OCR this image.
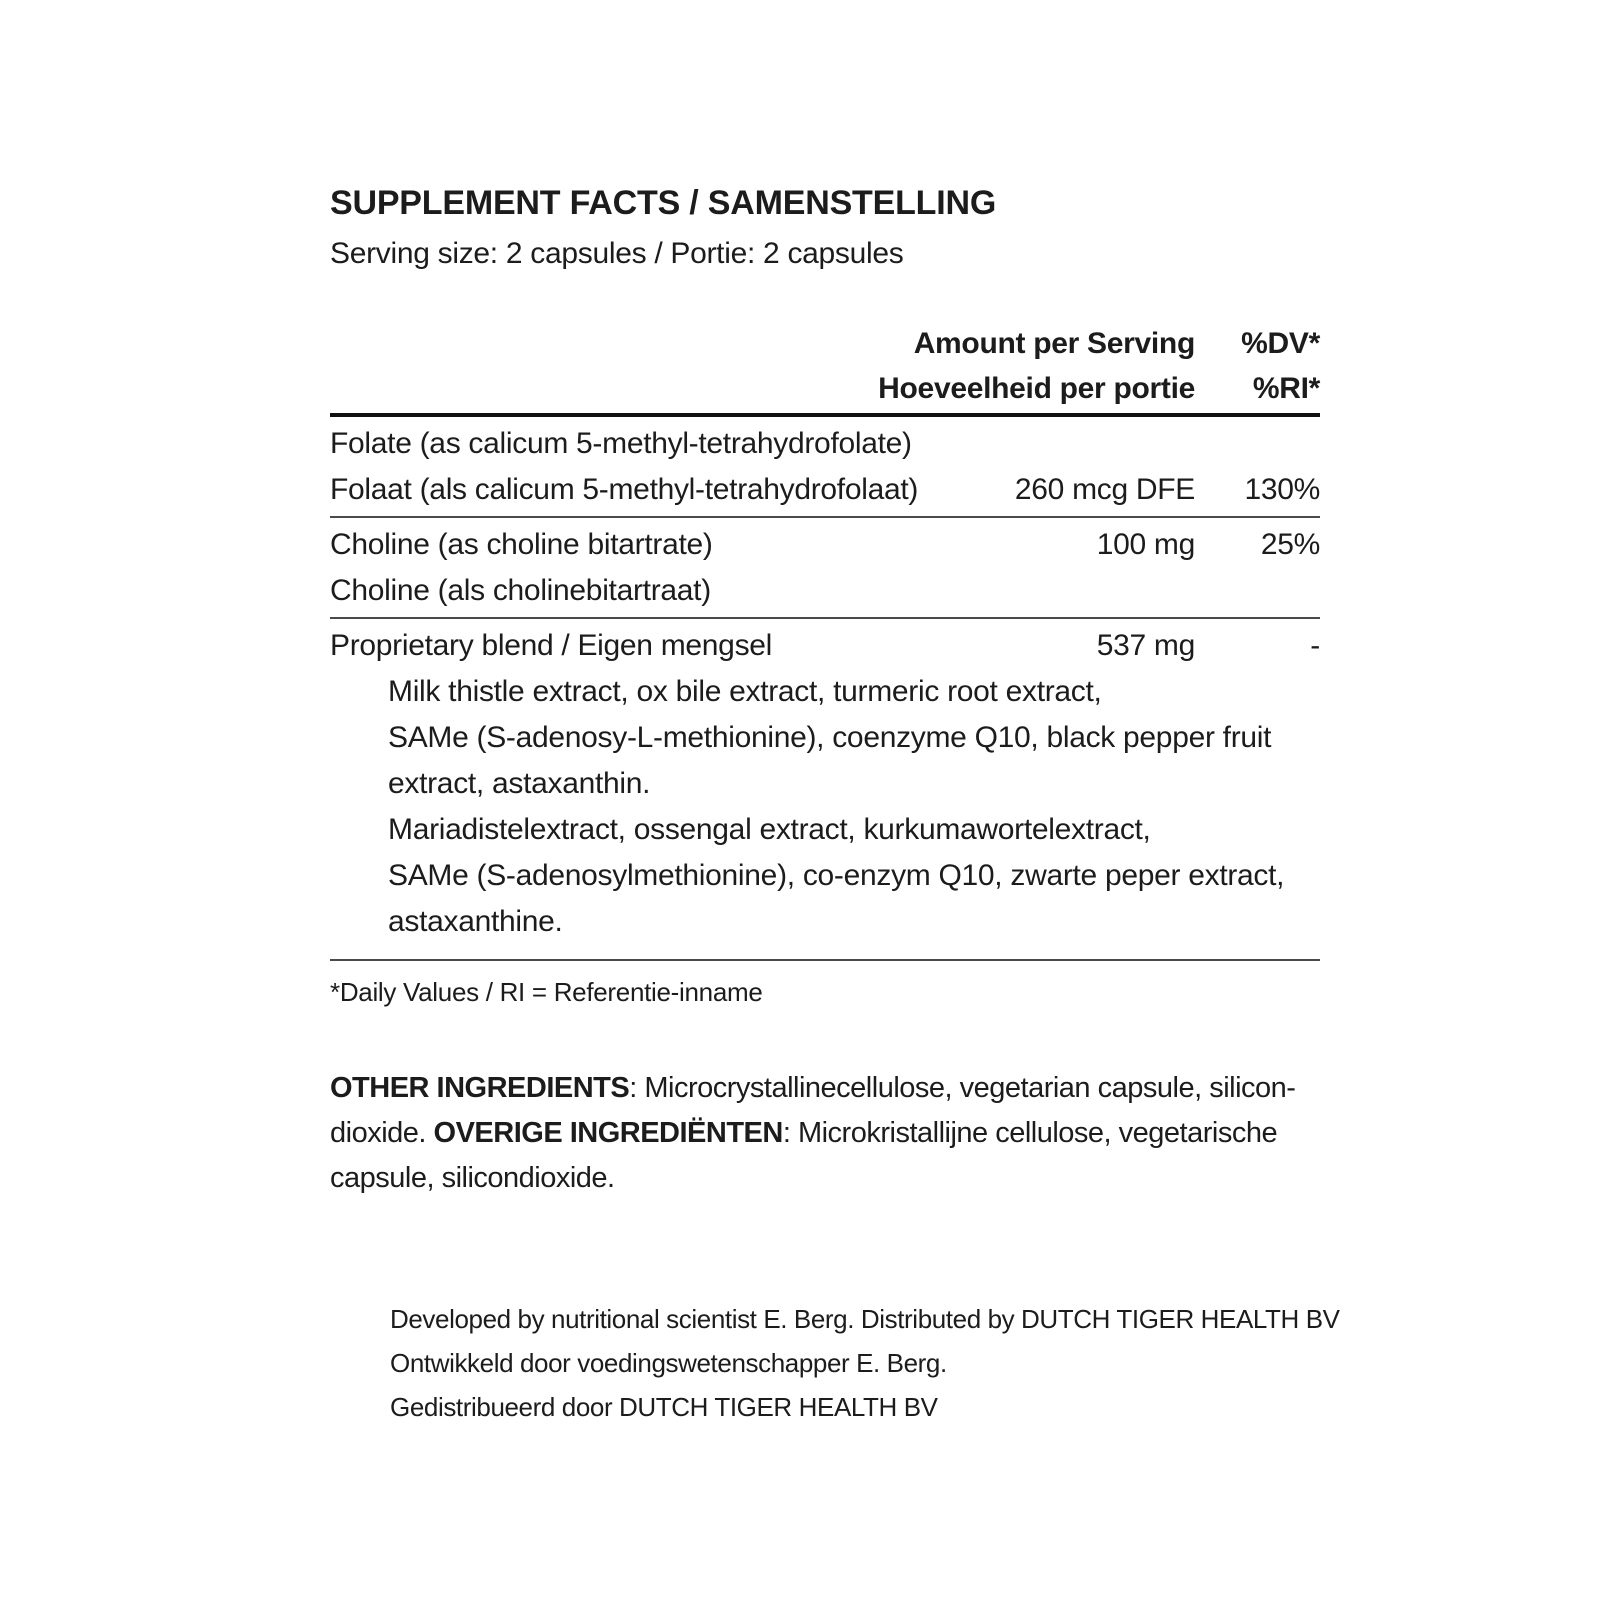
SUPPLEMENT FACTS / SAMENSTELLING
Serving size: 2 capsules / Portie: 2 capsules
Amount per Serving	%DV*
Hoeveelheid per portie	%RI*
Folate (as calicum 5-methyl-tetrahydrofolate)
Folaat (als calicum 5-methyl-tetrahydrofolaat)	260 mcg DFE	130%
Choline (as choline bitartrate)	100 mg	25%
Choline (als cholinebitartraat)
Proprietary blend / Eigen mengsel	537 mg	-
Milk thistle extract, ox bile extract, turmeric root extract,
SAMe (S-adenosy-L-methionine), coenzyme Q10, black pepper fruit
extract, astaxanthin.
Mariadistelextract, ossengal extract, kurkumawortelextract,
SAMe (S-adenosylmethionine), co-enzym Q10, zwarte peper extract,
astaxanthine.
*Daily Values / RI = Referentie-inname
OTHER INGREDIENTS: Microcrystallinecellulose, vegetarian capsule, silicon-dioxide. OVERIGE INGREDIËNTEN: Microkristallijne cellulose, vegetarische capsule, silicondioxide.
Developed by nutritional scientist E. Berg. Distributed by DUTCH TIGER HEALTH BV
Ontwikkeld door voedingswetenschapper E. Berg.
Gedistribueerd door DUTCH TIGER HEALTH BV
